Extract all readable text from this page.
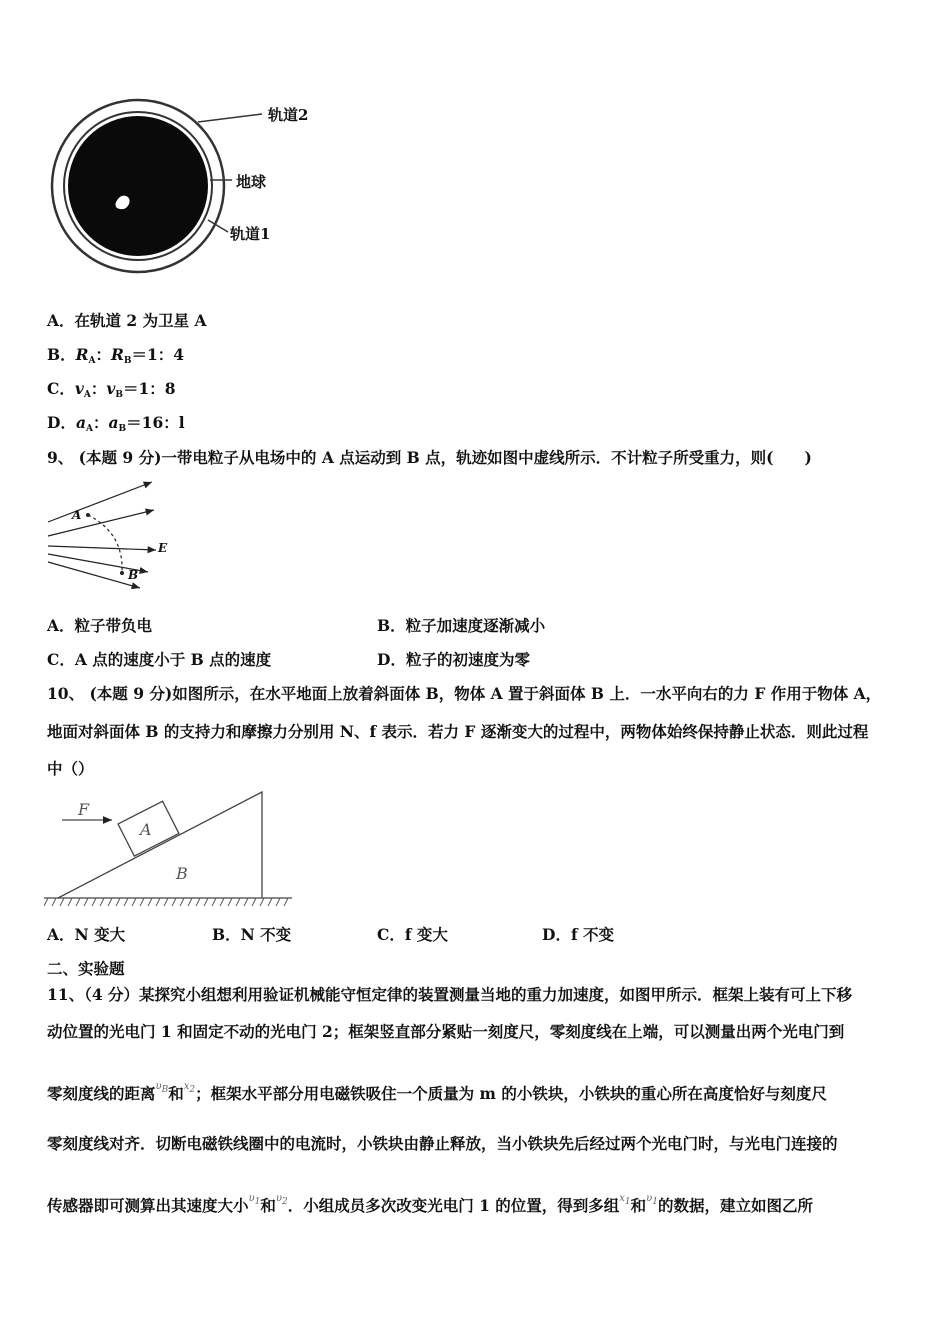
轨道2
地球
轨道1
A．在轨道 2 为卫星 A
B．$R_A$：$R_B=1$：4
C．$v_A$：$v_B=1$：8
D．$a_A$：$a_B=16$：l
9、 (本题 9 分)一带电粒子从电场中的 A 点运动到 B 点，轨迹如图中虚线所示．不计粒子所受重力，则(　　)
A
B
E
A．粒子带负电	B．粒子加速度逐渐减小
C．A 点的速度小于 B 点的速度	D．粒子的初速度为零
10、 (本题 9 分)如图所示，在水平地面上放着斜面体 B，物体 A 置于斜面体 B 上．一水平向右的力 F 作用于物体 A，
地面对斜面体 B 的支持力和摩擦力分别用 N、f 表示．若力 F 逐渐变大的过程中，两物体始终保持静止状态．则此过程
中（）
F
A
B
A．N 变大	B．N 不变	C．f 变大	D．f 不变
二、实验题
11、（4 分）某探究小组想利用验证机械能守恒定律的装置测量当地的重力加速度，如图甲所示．框架上装有可上下移
动位置的光电门 1 和固定不动的光电门 2；框架竖直部分紧贴一刻度尺，零刻度线在上端，可以测量出两个光电门到
零刻度线的距离$^{\upsilon_B}$和$^{x_2}$；框架水平部分用电磁铁吸住一个质量为 m 的小铁块，小铁块的重心所在高度恰好与刻度尺
零刻度线对齐．切断电磁铁线圈中的电流时，小铁块由静止释放，当小铁块先后经过两个光电门时，与光电门连接的
传感器即可测算出其速度大小$^{\upsilon_1}$和$^{\upsilon_2}$．小组成员多次改变光电门 1 的位置，得到多组$^{x_1}$和$^{\upsilon_1}$的数据，建立如图乙所
